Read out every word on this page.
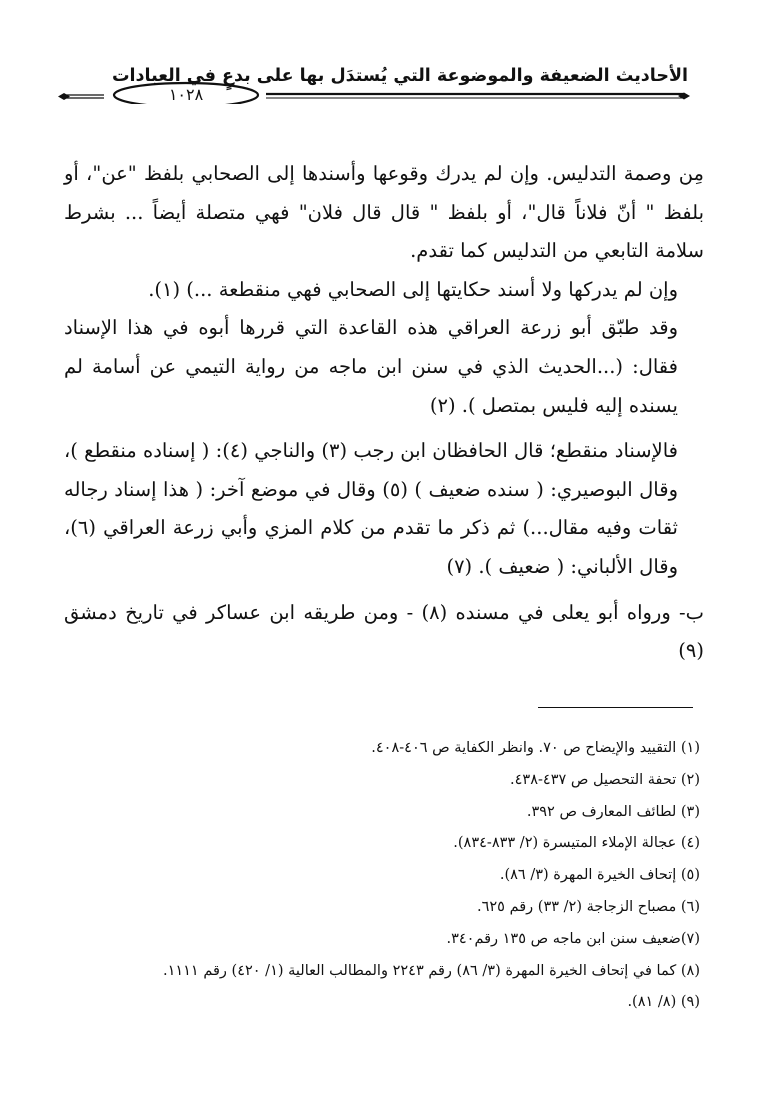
الأحاديث الضعيفة والموضوعة التي يُستدَل بها على بدعٍ في العبادات
١٠٢٨

مِن وصمة التدليس. وإن لم يدرك وقوعها وأسندها إلى الصحابي بلفظ "عن"، أو بلفظ " أنّ فلاناً قال"، أو بلفظ " قال قال فلان" فهي متصلة أيضاً ... بشرط سلامة التابعي من التدليس كما تقدم.

وإن لم يدركها ولا أسند حكايتها إلى الصحابي فهي منقطعة ...) (١).

وقد طبّق أبو زرعة العراقي هذه القاعدة التي قررها أبوه في هذا الإسناد فقال: (...الحديث الذي في سنن ابن ماجه من رواية التيمي عن أسامة لم يسنده إليه فليس بمتصل ). (٢)

فالإسناد منقطع؛ قال الحافظان ابن رجب (٣) والناجي (٤): ( إسناده منقطع )، وقال البوصيري: ( سنده ضعيف ) (٥) وقال في موضع آخر: ( هذا إسناد رجاله ثقات وفيه مقال...) ثم ذكر ما تقدم من كلام المزي وأبي زرعة العراقي (٦)، وقال الألباني: ( ضعيف ). (٧)

ب- ورواه أبو يعلى في مسنده (٨) - ومن طريقه ابن عساكر في تاريخ دمشق (٩)

(١) التقييد والإيضاح ص ٧٠. وانظر الكفاية ص ٤٠٦-٤٠٨.
(٢) تحفة التحصيل ص ٤٣٧-٤٣٨.
(٣) لطائف المعارف ص ٣٩٢.
(٤) عجالة الإملاء المتيسرة (٢/ ٨٣٣-٨٣٤).
(٥) إتحاف الخيرة المهرة (٣/ ٨٦).
(٦) مصباح الزجاجة (٢/ ٣٣) رقم ٦٢٥.
(٧)ضعيف سنن ابن ماجه ص ١٣٥ رقم٣٤٠.
(٨) كما في إتحاف الخيرة المهرة (٣/ ٨٦) رقم ٢٢٤٣ والمطالب العالية (١/ ٤٢٠) رقم ١١١١.
(٩) (٨/ ٨١).
